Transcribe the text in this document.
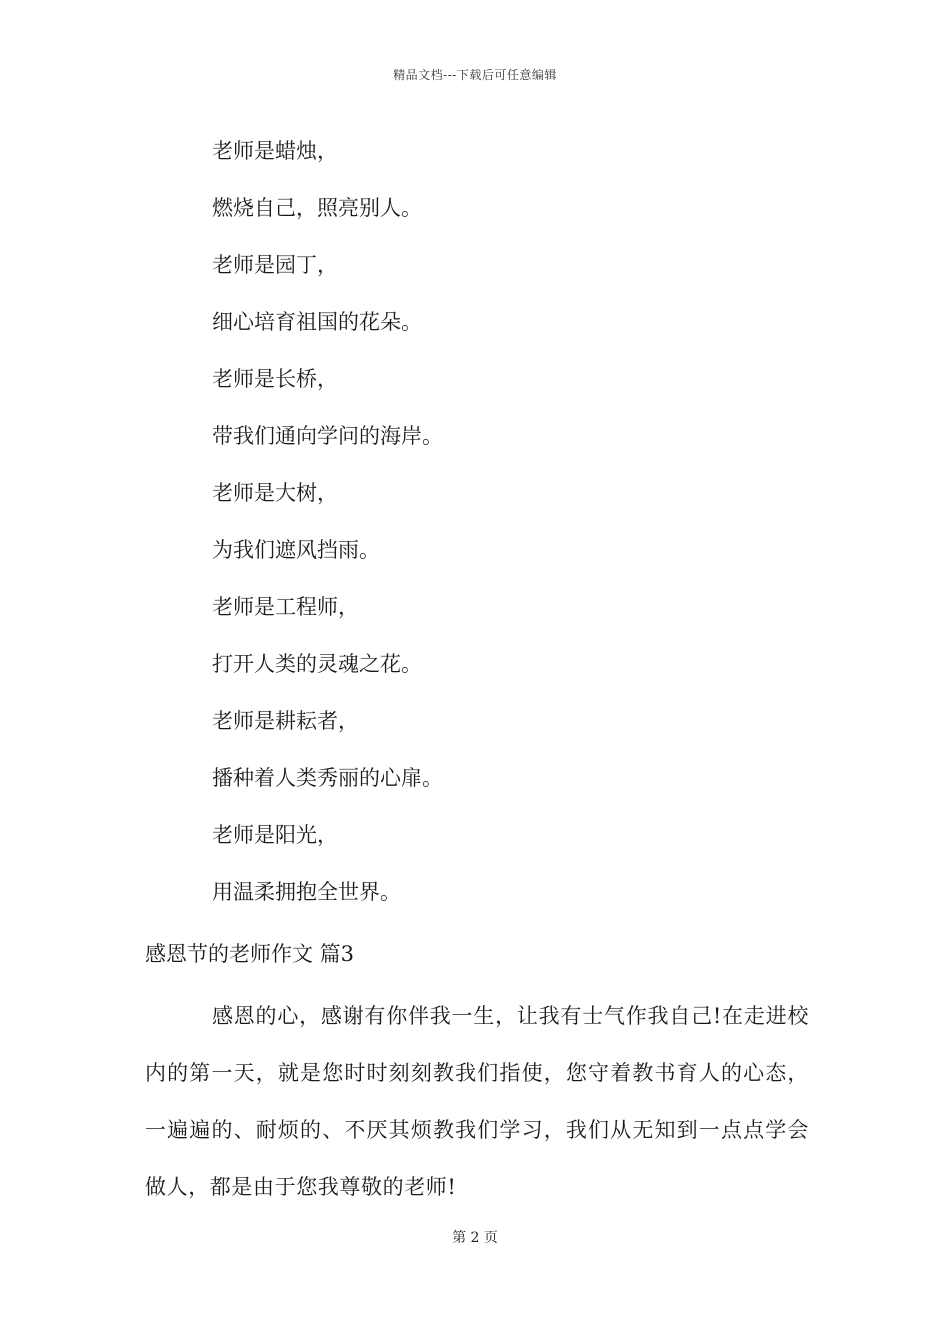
精品文档---下载后可任意编辑
老师是蜡烛，
燃烧自己，照亮别人。
老师是园丁，
细心培育祖国的花朵。
老师是长桥，
带我们通向学问的海岸。
老师是大树，
为我们遮风挡雨。
老师是工程师，
打开人类的灵魂之花。
老师是耕耘者，
播种着人类秀丽的心扉。
老师是阳光，
用温柔拥抱全世界。
感恩节的老师作文 篇3
感恩的心，感谢有你伴我一生，让我有士气作我自己!在走进校内的第一天，就是您时时刻刻教我们指使，您守着教书育人的心态，一遍遍的、耐烦的、不厌其烦教我们学习，我们从无知到一点点学会做人，都是由于您我尊敬的老师!
第 2 页
